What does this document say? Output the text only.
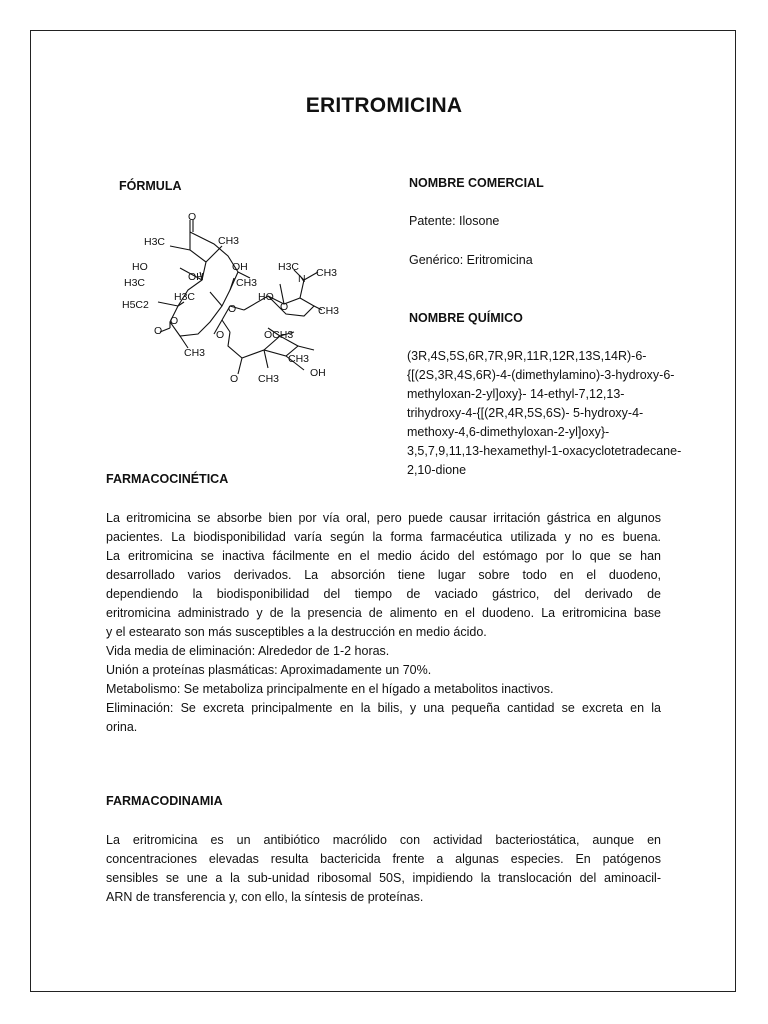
ERITROMICINA
FÓRMULA
O
H3C	CH3
HO
OH
OH
H3C	CH3
H5C2
H3C
O
O
CH3
O
H3C
N CH3
HO
O	CH3
O	OCH3
CH3
O	OH
CH3
NOMBRE COMERCIAL
Patente: Ilosone
Genérico: Eritromicina
NOMBRE QUÍMICO
(3R,4S,5S,6R,7R,9R,11R,12R,13S,14R)-6-
{[(2S,3R,4S,6R)-4-(dimethylamino)-3-hydroxy-6-
methyloxan-2-yl]oxy}- 14-ethyl-7,12,13-
trihydroxy-4-{[(2R,4R,5S,6S)- 5-hydroxy-4-
methoxy-4,6-dimethyloxan-2-yl]oxy}-
3,5,7,9,11,13-hexamethyl-1-oxacyclotetradecane-
2,10-dione
FARMACOCINÉTICA
La eritromicina se absorbe bien por vía oral, pero puede causar irritación gástrica en algunos
pacientes. La biodisponibilidad varía según la forma farmacéutica utilizada y no es buena.
La eritromicina se inactiva fácilmente en el medio ácido del estómago por lo que se han
desarrollado varios derivados. La absorción tiene lugar sobre todo en el duodeno,
dependiendo la biodisponibilidad del tiempo de vaciado gástrico, del derivado de
eritromicina administrado y de la presencia de alimento en el duodeno. La eritromicina base
y el estearato son más susceptibles a la destrucción en medio ácido.
Vida media de eliminación: Alrededor de 1-2 horas.
Unión a proteínas plasmáticas: Aproximadamente un 70%.
Metabolismo: Se metaboliza principalmente en el hígado a metabolitos inactivos.
Eliminación: Se excreta principalmente en la bilis, y una pequeña cantidad se excreta en la
orina.
FARMACODINAMIA
La eritromicina es un antibiótico macrólido con actividad bacteriostática, aunque en
concentraciones elevadas resulta bactericida frente a algunas especies. En patógenos
sensibles se une a la sub-unidad ribosomal 50S, impidiendo la translocación del aminoacil-
ARN de transferencia y, con ello, la síntesis de proteínas.
